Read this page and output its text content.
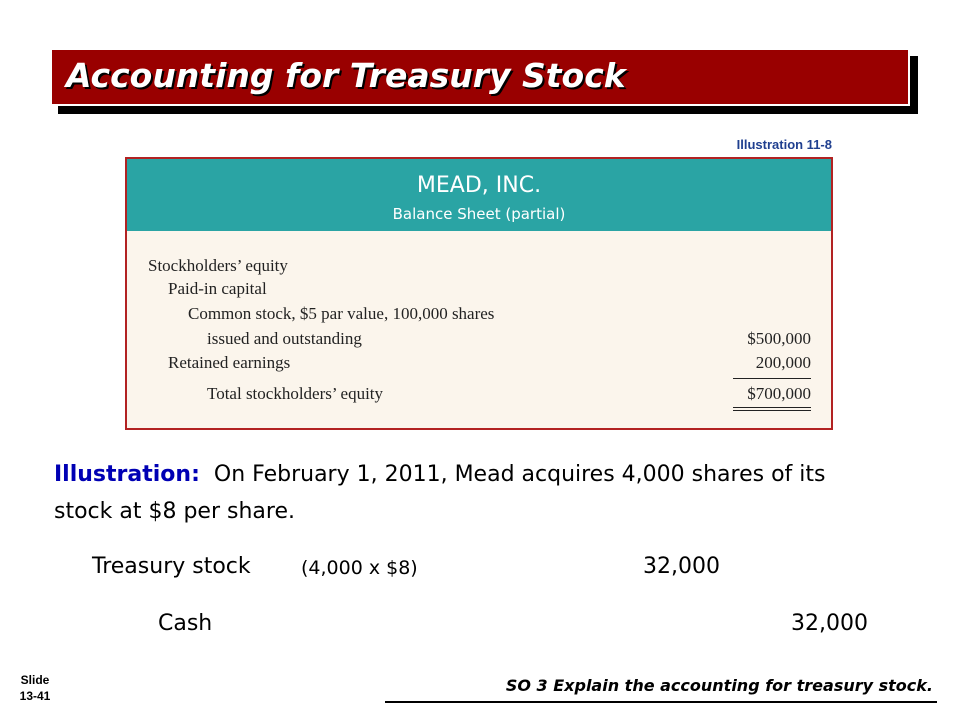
Accounting for Treasury Stock
Illustration 11-8
MEAD, INC.
Balance Sheet (partial)
Stockholders’ equity
Paid-in capital
Common stock, $5 par value, 100,000 shares
issued and outstanding	$500,000
Retained earnings	200,000
Total stockholders’ equity	$700,000
Illustration: On February 1, 2011, Mead acquires 4,000 shares of its stock at $8 per share.
Treasury stock	(4,000 x $8)	32,000
Cash	32,000
Slide
13-41
SO 3 Explain the accounting for treasury stock.
